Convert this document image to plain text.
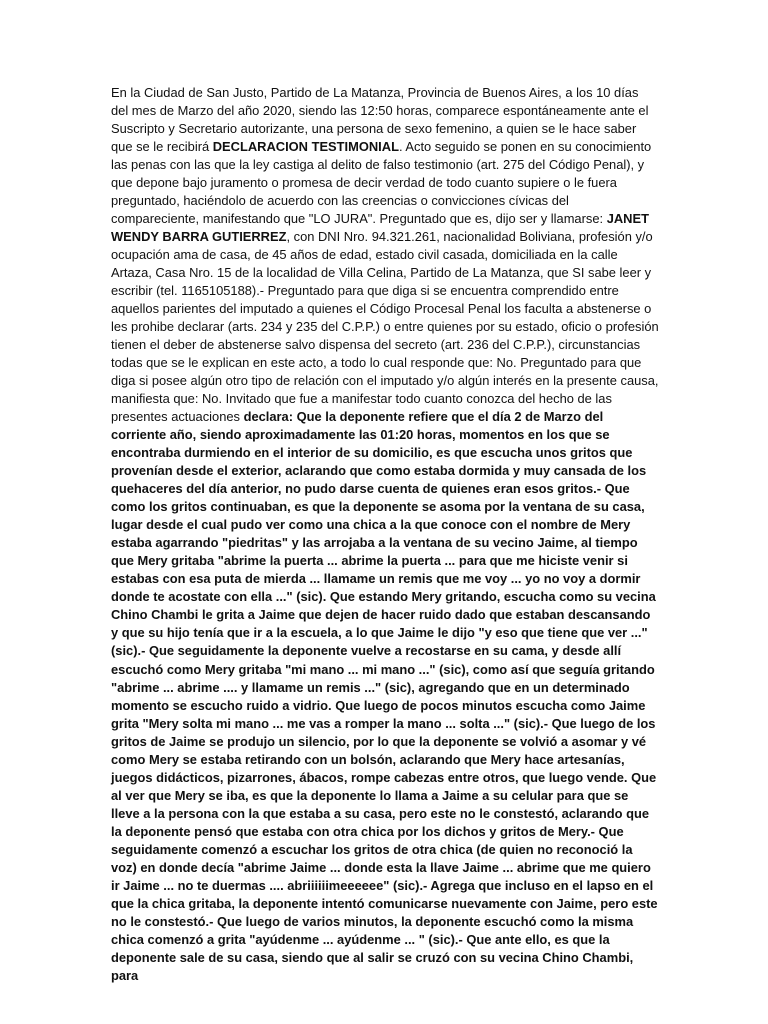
En la Ciudad de San Justo, Partido de La Matanza, Provincia de Buenos Aires, a los 10 días del mes de Marzo del año 2020, siendo las 12:50 horas, comparece espontáneamente ante el Suscripto y Secretario autorizante, una persona de sexo femenino, a quien se le hace saber que se le recibirá DECLARACION TESTIMONIAL. Acto seguido se ponen en su conocimiento las penas con las que la ley castiga al delito de falso testimonio (art. 275 del Código Penal), y que depone bajo juramento o promesa de decir verdad de todo cuanto supiere o le fuera preguntado, haciéndolo de acuerdo con las creencias o convicciones cívicas del compareciente, manifestando que "LO JURA". Preguntado que es, dijo ser y llamarse: JANET WENDY BARRA GUTIERREZ, con DNI Nro. 94.321.261, nacionalidad Boliviana, profesión y/o ocupación ama de casa, de 45 años de edad, estado civil casada, domiciliada en la calle Artaza, Casa Nro. 15 de la localidad de Villa Celina, Partido de La Matanza, que SI sabe leer y escribir (tel. 1165105188).- Preguntado para que diga si se encuentra comprendido entre aquellos parientes del imputado a quienes el Código Procesal Penal los faculta a abstenerse o les prohibe declarar (arts. 234 y 235 del C.P.P.) o entre quienes por su estado, oficio o profesión tienen el deber de abstenerse salvo dispensa del secreto (art. 236 del C.P.P.), circunstancias todas que se le explican en este acto, a todo lo cual responde que: No. Preguntado para que diga si posee algún otro tipo de relación con el imputado y/o algún interés en la presente causa, manifiesta que: No. Invitado que fue a manifestar todo cuanto conozca del hecho de las presentes actuaciones declara: Que la deponente refiere que el día 2 de Marzo del corriente año, siendo aproximadamente las 01:20 horas, momentos en los que se encontraba durmiendo en el interior de su domicilio, es que escucha unos gritos que provenían desde el exterior, aclarando que como estaba dormida y muy cansada de los quehaceres del día anterior, no pudo darse cuenta de quienes eran esos gritos.- Que como los gritos continuaban, es que la deponente se asoma por la ventana de su casa, lugar desde el cual pudo ver como una chica a la que conoce con el nombre de Mery estaba agarrando "piedritas" y las arrojaba a la ventana de su vecino Jaime, al tiempo que Mery gritaba "abrime la puerta ... abrime la puerta ... para que me hiciste venir si estabas con esa puta de mierda ... llamame un remis que me voy ... yo no voy a dormir donde te acostate con ella ..." (sic). Que estando Mery gritando, escucha como su vecina Chino Chambi le grita a Jaime que dejen de hacer ruido dado que estaban descansando y que su hijo tenía que ir a la escuela, a lo que Jaime le dijo "y eso que tiene que ver ..." (sic).- Que seguidamente la deponente vuelve a recostarse en su cama, y desde allí escuchó como Mery gritaba "mi mano ... mi mano ..." (sic), como así que seguía gritando "abrime ... abrime .... y llamame un remis ..." (sic), agregando que en un determinado momento se escucho ruido a vidrio. Que luego de pocos minutos escucha como Jaime grita "Mery solta mi mano ... me vas a romper la mano ... solta ..." (sic).- Que luego de los gritos de Jaime se produjo un silencio, por lo que la deponente se volvió a asomar y vé como Mery se estaba retirando con un bolsón, aclarando que Mery hace artesanías, juegos didácticos, pizarrones, ábacos, rompe cabezas entre otros, que luego vende. Que al ver que Mery se iba, es que la deponente lo llama a Jaime a su celular para que se lleve a la persona con la que estaba a su casa, pero este no le constestó, aclarando que la deponente pensó que estaba con otra chica por los dichos y gritos de Mery.- Que seguidamente comenzó a escuchar los gritos de otra chica (de quien no reconoció la voz) en donde decía "abrime Jaime ... donde esta la llave Jaime ... abrime que me quiero ir Jaime ... no te duermas .... abriiiiiimeeeeee" (sic).- Agrega que incluso en el lapso en el que la chica gritaba, la deponente intentó comunicarse nuevamente con Jaime, pero este no le constestó.- Que luego de varios minutos, la deponente escuchó como la misma chica comenzó a grita "ayúdenme ... ayúdenme ... " (sic).- Que ante ello, es que la deponente sale de su casa, siendo que al salir se cruzó con su vecina Chino Chambi, para
